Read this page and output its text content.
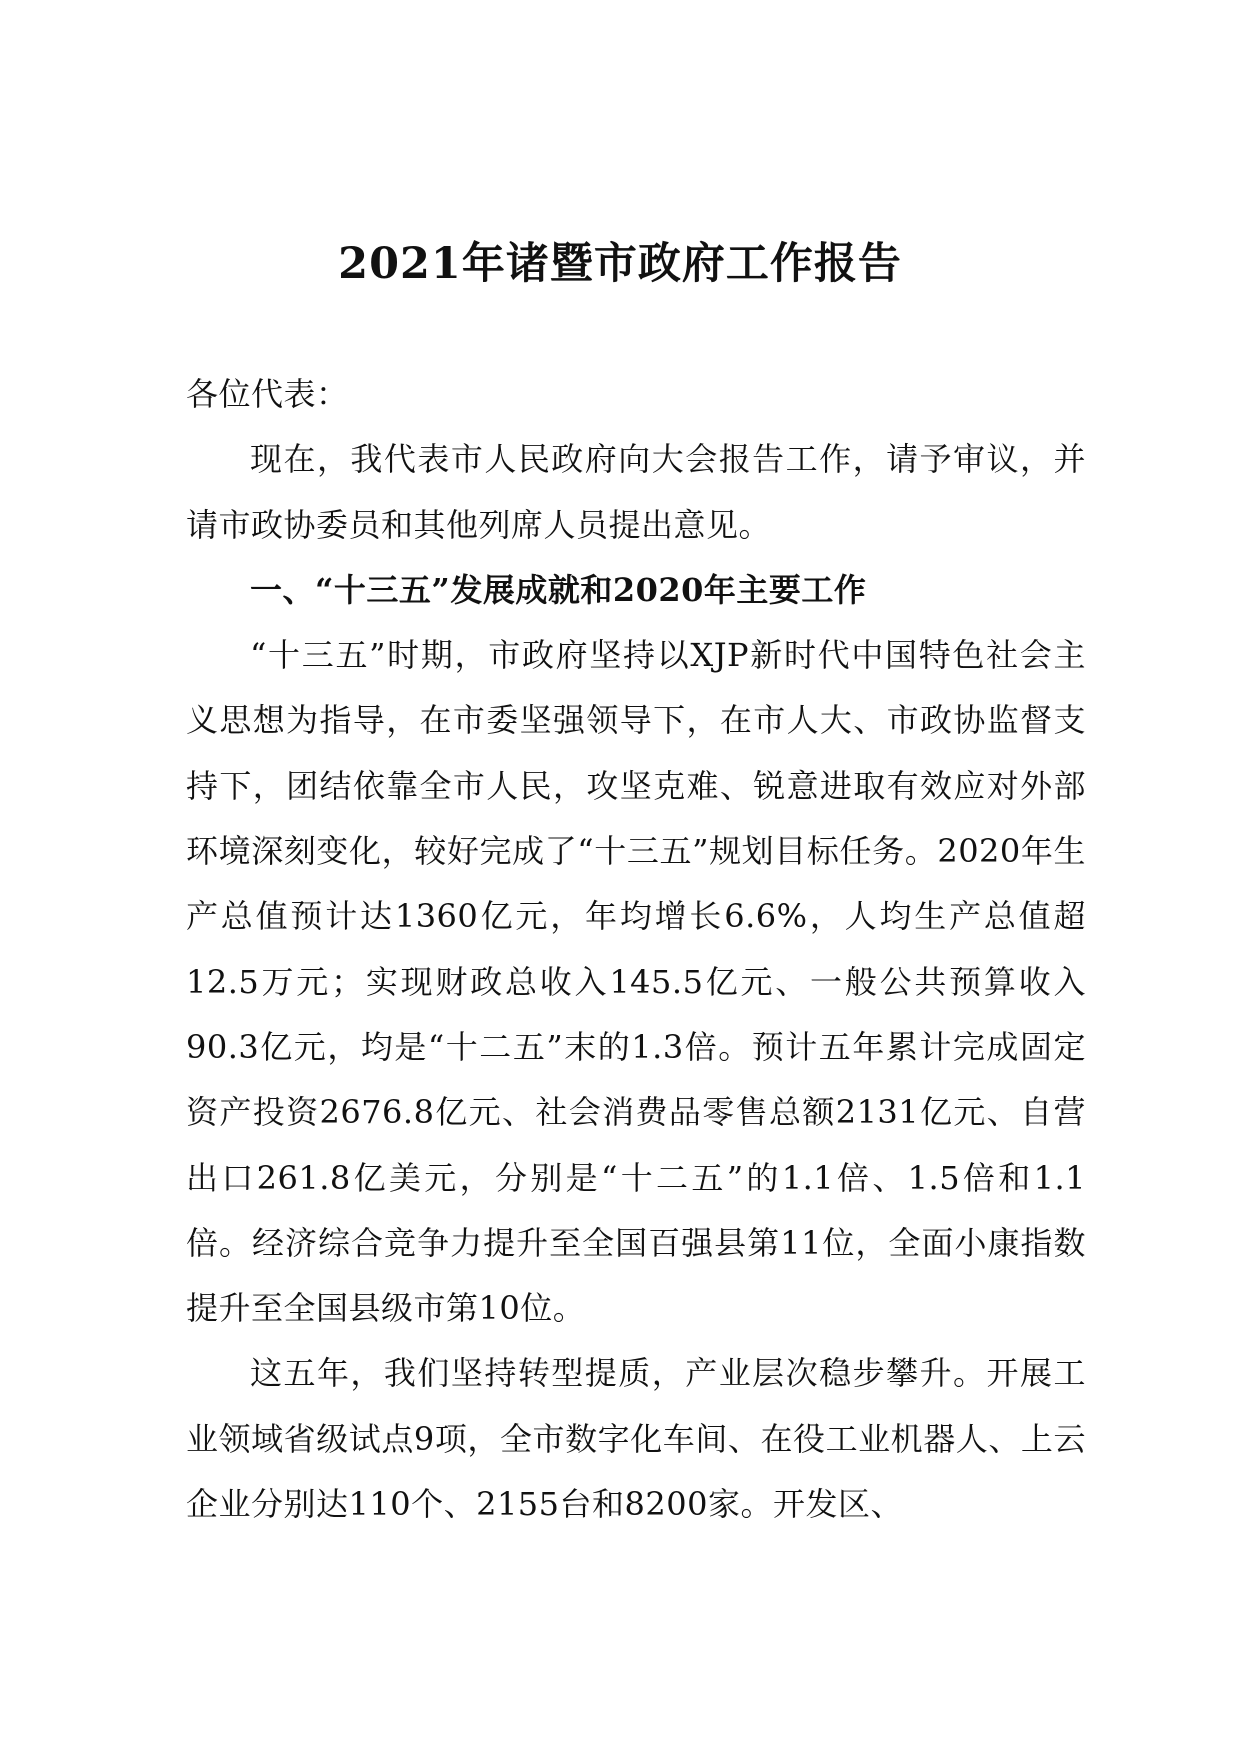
2021年诸暨市政府工作报告

各位代表：

现在，我代表市人民政府向大会报告工作，请予审议，并请市政协委员和其他列席人员提出意见。

一、“十三五”发展成就和2020年主要工作

“十三五”时期，市政府坚持以XJP新时代中国特色社会主义思想为指导，在市委坚强领导下，在市人大、市政协监督支持下，团结依靠全市人民，攻坚克难、锐意进取有效应对外部环境深刻变化，较好完成了“十三五”规划目标任务。2020年生产总值预计达1360亿元，年均增长6.6%，人均生产总值超12.5万元；实现财政总收入145.5亿元、一般公共预算收入90.3亿元，均是“十二五”末的1.3倍。预计五年累计完成固定资产投资2676.8亿元、社会消费品零售总额2131亿元、自营出口261.8亿美元，分别是“十二五”的1.1倍、1.5倍和1.1倍。经济综合竞争力提升至全国百强县第11位，全面小康指数提升至全国县级市第10位。

这五年，我们坚持转型提质，产业层次稳步攀升。开展工业领域省级试点9项，全市数字化车间、在役工业机器人、上云企业分别达110个、2155台和8200家。开发区、
